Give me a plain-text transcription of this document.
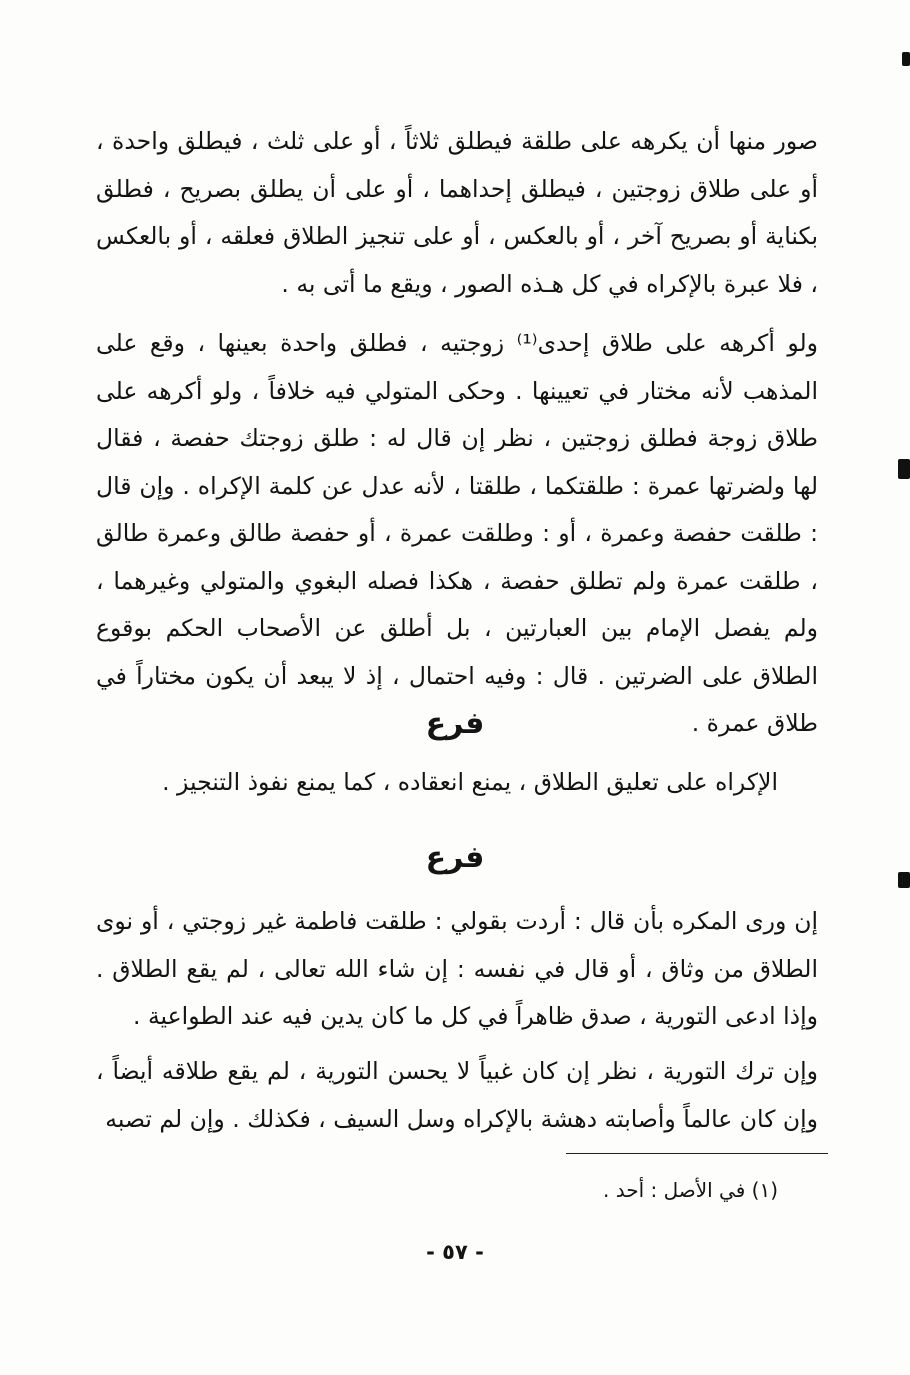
صور منها أن يكرهه على طلقة فيطلق ثلاثاً ، أو على ثلث ، فيطلق واحدة ، أو على طلاق زوجتين ، فيطلق إحداهما ، أو على أن يطلق بصريح ، فطلق بكناية أو بصريح آخر ، أو بالعكس ، أو على تنجيز الطلاق فعلقه ، أو بالعكس ، فلا عبرة بالإكراه في كل هـذه الصور ، ويقع ما أتى به .

ولو أكرهه على طلاق إحدى⁽¹⁾ زوجتيه ، فطلق واحدة بعينها ، وقع على المذهب لأنه مختار في تعيينها . وحكى المتولي فيه خلافاً ، ولو أكرهه على طلاق زوجة فطلق زوجتين ، نظر إن قال له : طلق زوجتك حفصة ، فقال لها ولضرتها عمرة : طلقتكما ، طلقتا ، لأنه عدل عن كلمة الإكراه . وإن قال : طلقت حفصة وعمرة ، أو : وطلقت عمرة ، أو حفصة طالق وعمرة طالق ، طلقت عمرة ولم تطلق حفصة ، هكذا فصله البغوي والمتولي وغيرهما ، ولم يفصل الإمام بين العبارتين ، بل أطلق عن الأصحاب الحكم بوقوع الطلاق على الضرتين . قال : وفيه احتمال ، إذ لا يبعد أن يكون مختاراً في طلاق عمرة .

فرع

الإكراه على تعليق الطلاق ، يمنع انعقاده ، كما يمنع نفوذ التنجيز .

فرع

إن ورى المكره بأن قال : أردت بقولي : طلقت فاطمة غير زوجتي ، أو نوى الطلاق من وثاق ، أو قال في نفسه : إن شاء الله تعالى ، لم يقع الطلاق . وإذا ادعى التورية ، صدق ظاهراً في كل ما كان يدين فيه عند الطواعية .

وإن ترك التورية ، نظر إن كان غبياً لا يحسن التورية ، لم يقع طلاقه أيضاً ، وإن كان عالماً وأصابته دهشة بالإكراه وسل السيف ، فكذلك . وإن لم تصبه

(١) في الأصل : أحد .

- ٥٧ -
